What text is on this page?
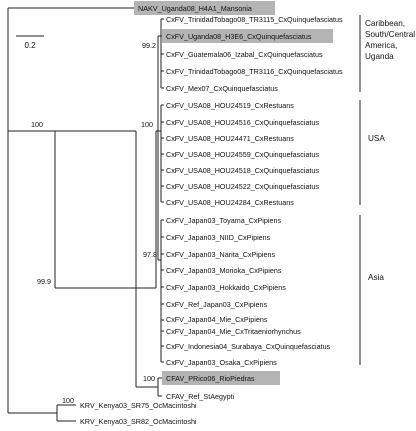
0.2
NAKV_Uganda08_H4A1_Mansonia
CxFV_TrinidadTobago08_TR3115_CxQuinquefasciatus
CxFV_Uganda08_H3E6_CxQuinquefasciatus
CxFV_Guatemala06_Izabal_CxQuinquefasciatus
CxFV_TrinidadTobago08_TR3116_CxQuinquefasciatus
CxFV_Mex07_CxQuinquefasciatus
CxFV_USA08_HOU24519_CxRestuans
CxFV_USA08_HOU24516_CxQuinquefasciatus
CxFV_USA08_HOU24471_CxRestuans
CxFV_USA08_HOU24559_CxQuinquefasciatus
CxFV_USA08_HOU24518_CxQuinquefasciatus
CxFV_USA08_HOU24522_CxQuinquefasciatus
CxFV_USA08_HOU24284_CxRestuans
CxFV_Japan03_Toyama_CxPipiens
CxFV_Japan03_NIID_CxPipiens
CxFV_Japan03_Narita_CxPipiens
CxFV_Japan03_Morioka_CxPipiens
CxFV_Japan03_Hokkaido_CxPipiens
CxFV_Ref_Japan03_CxPipiens
CxFV_Japan04_Mie_CxPipiens
CxFV_Japan04_Mie_CxTritaeniorhynchus
CxFV_Indonesia04_Surabaya_CxQuinquefasciatus
CxFV_Japan03_Osaka_CxPipiens
CFAV_PRico06_RioPiedras
CFAV_Ref_StAegypti
KRV_Kenya03_SR75_OcMacintoshi
KRV_Kenya03_SR82_OcMacintoshi
100
99.2
100
97.8
99.9
100
100
Caribbean,
South/Central
America,
Uganda
USA
Asia
